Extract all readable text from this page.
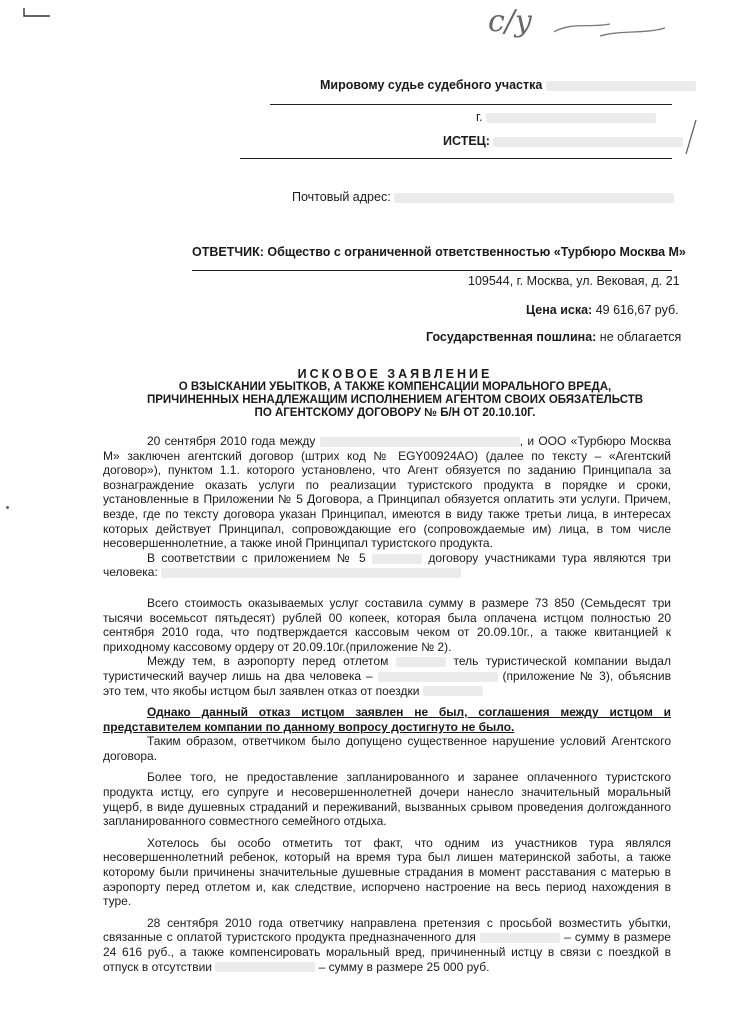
с/у
Мировому судье судебного участка
г.
ИСТЕЦ:
Почтовый адрес:
ОТВЕТЧИК: Общество с ограниченной ответственностью «Турбюро Москва М»
109544, г. Москва, ул. Вековая, д. 21
Цена иска: 49 616,67 руб.
Государственная пошлина: не облагается
ИСКОВОЕ ЗАЯВЛЕНИЕ
О ВЗЫСКАНИИ УБЫТКОВ, А ТАКЖЕ КОМПЕНСАЦИИ МОРАЛЬНОГО ВРЕДА,
ПРИЧИНЕННЫХ НЕНАДЛЕЖАЩИМ ИСПОЛНЕНИЕМ АГЕНТОМ СВОИХ ОБЯЗАТЕЛЬСТВ
ПО АГЕНТСКОМУ ДОГОВОРУ № Б/Н ОТ 20.10.10Г.

20 сентября 2010 года между	, и ООО «Турбюро Москва М» заключен агентский договор (штрих код № EGY00924AO) (далее по тексту – «Агентский договор»), пунктом 1.1. которого установлено, что Агент обязуется по заданию Принципала за вознаграждение оказать услуги по реализации туристского продукта в порядке и сроки, установленные в Приложении № 5 Договора, а Принципал обязуется оплатить эти услуги. Причем, везде, где по тексту договора указан Принципал, имеются в виду также третьи лица, в интересах которых действует Принципал, сопровождающие его (сопровождаемые им) лица, в том числе несовершеннолетние, а также иной Принципал туристского продукта.

В соответствии с приложением № 5	договору участниками тура являются три человека:

Всего стоимость оказываемых услуг составила сумму в размере 73 850 (Семьдесят три тысячи восемьсот пятьдесят) рублей 00 копеек, которая была оплачена истцом полностью 20 сентября 2010 года, что подтверждается кассовым чеком от 20.09.10г., а также квитанцией к приходному кассовому ордеру от 20.09.10г.(приложение № 2).

Между тем, в аэропорту перед отлетом	тель туристической компании выдал туристический ваучер лишь на два человека –	(приложение № 3), объяснив это тем, что якобы истцом был заявлен отказ от поездки

Однако данный отказ истцом заявлен не был, соглашения между истцом и представителем компании по данному вопросу достигнуто не было.

Таким образом, ответчиком было допущено существенное нарушение условий Агентского договора.

Более того, не предоставление запланированного и заранее оплаченного туристского продукта истцу, его супруге и несовершеннолетней дочери нанесло значительный моральный ущерб, в виде душевных страданий и переживаний, вызванных срывом проведения долгожданного запланированного совместного семейного отдыха.

Хотелось бы особо отметить тот факт, что одним из участников тура являлся несовершеннолетний ребенок, который на время тура был лишен материнской заботы, а также которому были причинены значительные душевные страдания в момент расставания с матерью в аэропорту перед отлетом и, как следствие, испорчено настроение на весь период нахождения в туре.

28 сентября 2010 года ответчику направлена претензия с просьбой возместить убытки, связанные с оплатой туристского продукта предназначенного для	– сумму в размере 24 616 руб., а также компенсировать моральный вред, причиненный истцу в связи с поездкой в отпуск в отсутствии	– сумму в размере 25 000 руб.
